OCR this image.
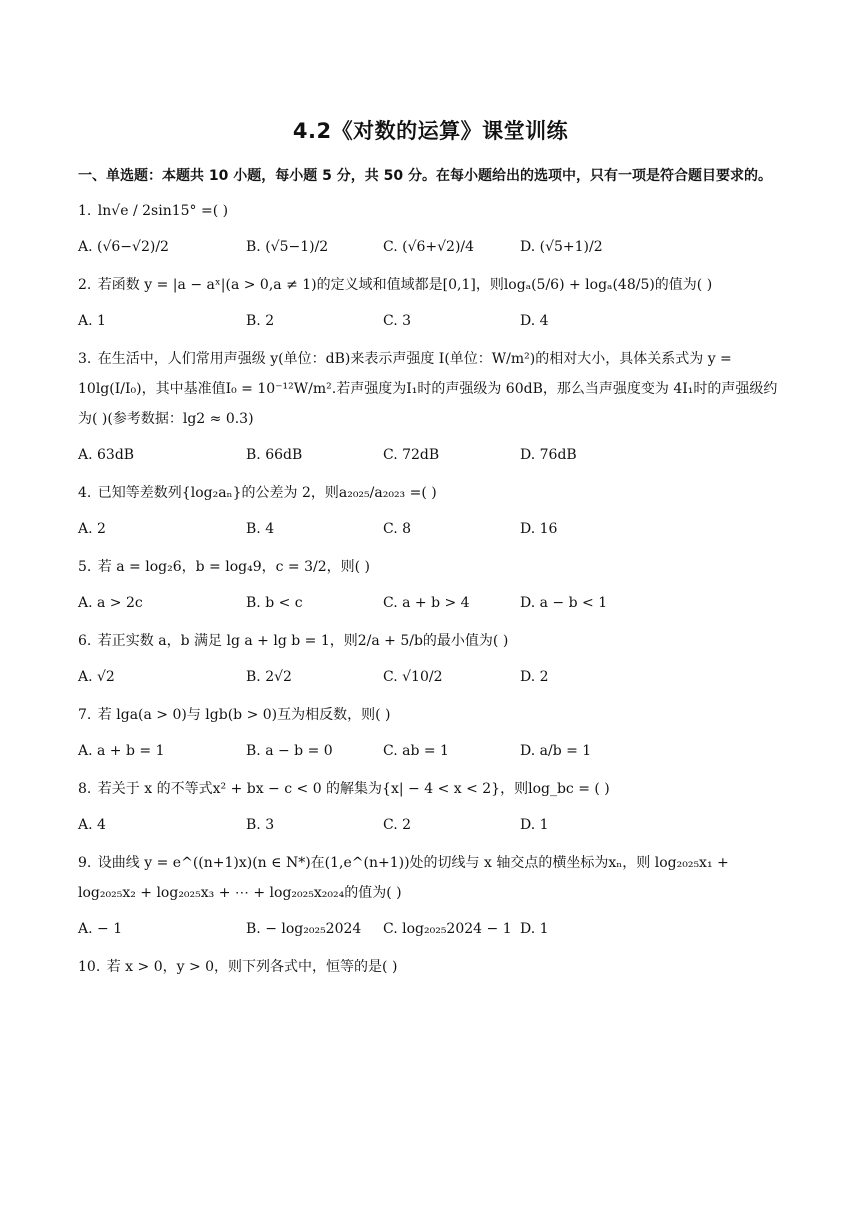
4.2《对数的运算》课堂训练
一、单选题：本题共 10 小题，每小题 5 分，共 50 分。在每小题给出的选项中，只有一项是符合题目要求的。

1. ln√e / 2sin15° =( )

A. (√6−√2)/2	B. (√5−1)/2	C. (√6+√2)/4	D. (√5+1)/2

2. 若函数 y = |a − aˣ|(a > 0,a ≠ 1)的定义域和值域都是[0,1]，则logₐ(5/6) + logₐ(48/5)的值为( )

A. 1	B. 2	C. 3	D. 4

3. 在生活中，人们常用声强级 y(单位：dB)来表示声强度 I(单位：W/m²)的相对大小，具体关系式为 y = 10lg(I/I₀)，其中基准值I₀ = 10⁻¹²W/m².若声强度为I₁时的声强级为 60dB，那么当声强度变为 4I₁时的声强级约为( )(参考数据：lg2 ≈ 0.3)

A. 63dB	B. 66dB	C. 72dB	D. 76dB

4. 已知等差数列{log₂aₙ}的公差为 2，则a₂₀₂₅/a₂₀₂₃ =( )

A. 2	B. 4	C. 8	D. 16

5. 若 a = log₂6，b = log₄9，c = 3/2，则( )

A. a > 2c	B. b < c	C. a + b > 4	D. a − b < 1

6. 若正实数 a，b 满足 lg a + lg b = 1，则2/a + 5/b的最小值为( )

A. √2	B. 2√2	C. √10/2	D. 2

7. 若 lga(a > 0)与 lgb(b > 0)互为相反数，则( )

A. a + b = 1	B. a − b = 0	C. ab = 1	D. a/b = 1

8. 若关于 x 的不等式x² + bx − c < 0 的解集为{x| − 4 < x < 2}，则log_bc = ( )

A. 4	B. 3	C. 2	D. 1

9. 设曲线 y = e^((n+1)x)(n ∈ N*)在(1,e^(n+1))处的切线与 x 轴交点的横坐标为xₙ，则 log₂₀₂₅x₁ + log₂₀₂₅x₂ + log₂₀₂₅x₃ + ⋯ + log₂₀₂₅x₂₀₂₄的值为( )

A. − 1	B. − log₂₀₂₅2024	C. log₂₀₂₅2024 − 1 D. 1

10. 若 x > 0，y > 0，则下列各式中，恒等的是( )
